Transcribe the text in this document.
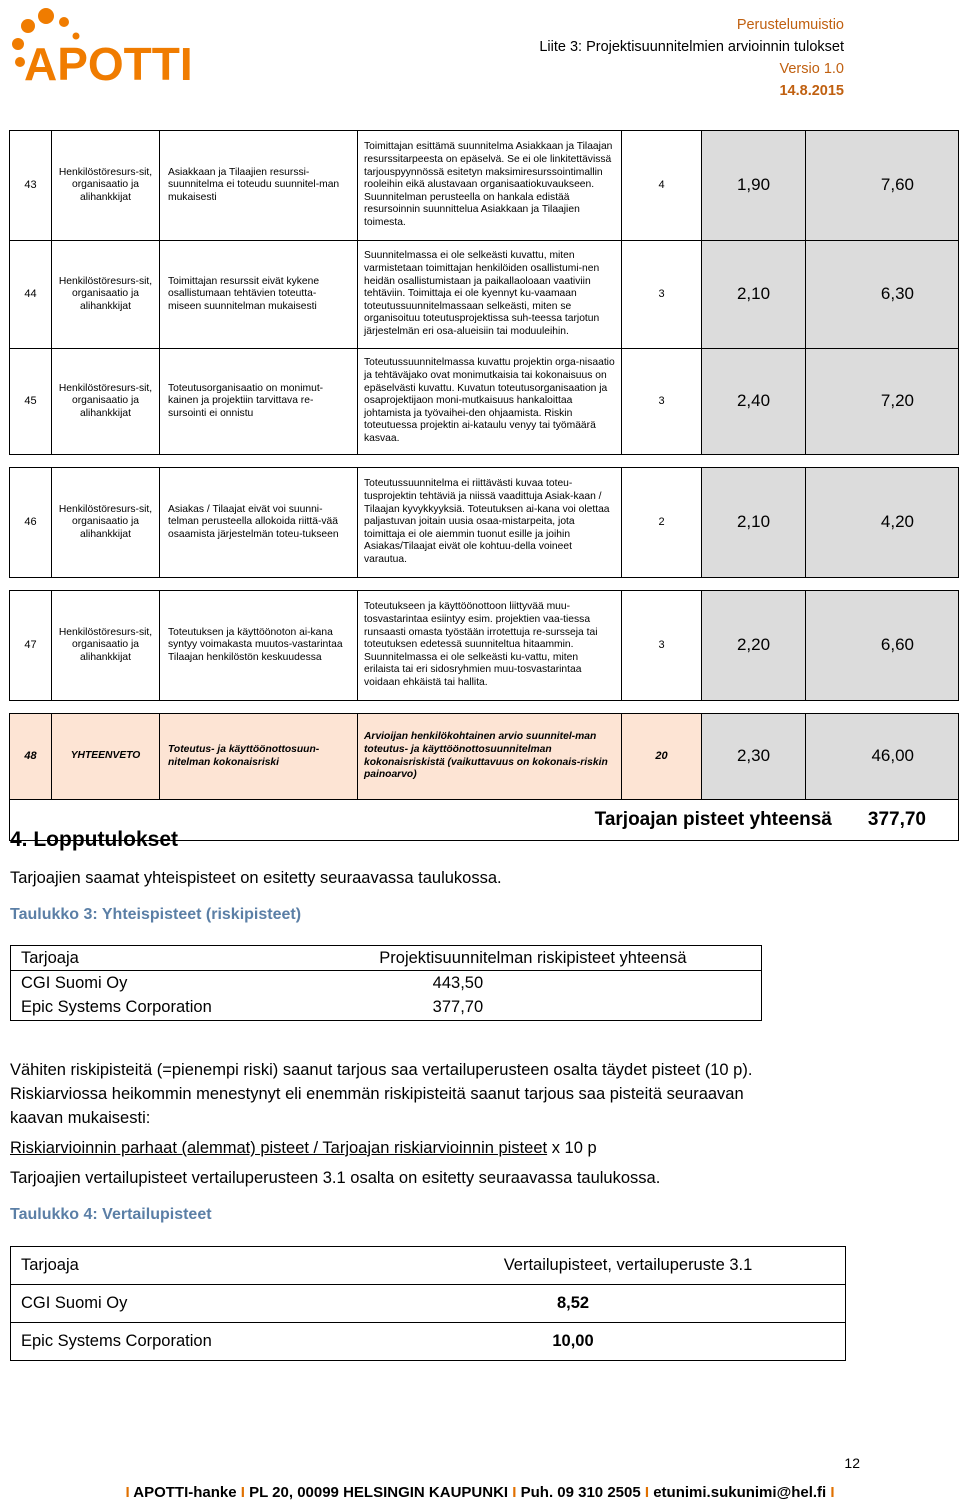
APOTTI
Perustelumuistio
Liite 3: Projektisuunnitelmien arvioinnin tulokset
Versio 1.0
14.8.2015
43	Henkilöstöresurs-sit, organisaatio ja alihankkijat	Asiakkaan ja Tilaajien resurssi-suunnitelma ei toteudu suunnitel-man mukaisesti	Toimittajan esittämä suunnitelma Asiakkaan ja Tilaajan resurssitarpeesta on epäselvä. Se ei ole linkitettävissä tarjouspyynnössä esitetyn maksimiresurssointimallin rooleihin eikä alustavaan organisaatiokuvaukseen. Suunnitelman perusteella on hankala edistää resursoinnin suunnittelua Asiakkaan ja Tilaajien toimesta.	4	1,90	7,60
44	Henkilöstöresurs-sit, organisaatio ja alihankkijat	Toimittajan resurssit eivät kykene osallistumaan tehtävien toteutta-miseen suunnitelman mukaisesti	Suunnitelmassa ei ole selkeästi kuvattu, miten varmistetaan toimittajan henkilöiden osallistumi-nen heidän osallistumistaan ja paikallaoloaan vaativiin tehtäviin. Toimittaja ei ole kyennyt ku-vaamaan toteutussuunnitelmassaan selkeästi, miten se organisoituu toteutusprojektissa suh-teessa tarjotun järjestelmän eri osa-alueisiin tai moduuleihin.	3	2,10	6,30
45	Henkilöstöresurs-sit, organisaatio ja alihankkijat	Toteutusorganisaatio on monimut-kainen ja projektiin tarvittava re-sursointi ei onnistu	Toteutussuunnitelmassa kuvattu projektin orga-nisaatio ja tehtäväjako ovat monimutkaisia tai kokonaisuus on epäselvästi kuvattu. Kuvatun toteutusorganisaation ja osaprojektijaon moni-mutkaisuus hankaloittaa johtamista ja työvaihei-den ohjaamista. Riskin toteutuessa projektin ai-kataulu venyy tai työmäärä kasvaa.	3	2,40	7,20

46	Henkilöstöresurs-sit, organisaatio ja alihankkijat	Asiakas / Tilaajat eivät voi suunni-telman perusteella allokoida riittä-vää osaamista järjestelmän toteu-tukseen	Toteutussuunnitelma ei riittävästi kuvaa toteu-tusprojektin tehtäviä ja niissä vaadittuja Asiak-kaan / Tilaajan kyvykkyyksiä. Toteutuksen ai-kana voi olettaa paljastuvan joitain uusia osaa-mistarpeita, jota toimittaja ei ole aiemmin tuonut esille ja joihin Asiakas/Tilaajat eivät ole kohtuu-della voineet varautua.	2	2,10	4,20

47	Henkilöstöresurs-sit, organisaatio ja alihankkijat	Toteutuksen ja käyttöönoton ai-kana syntyy voimakasta muutos-vastarintaa Tilaajan henkilöstön keskuudessa	Toteutukseen ja käyttöönottoon liittyvää muu-tosvastarintaa esiintyy esim. projektien vaa-tiessa runsaasti omasta työstään irrotettuja re-sursseja tai toteutuksen edetessä suunniteltua hitaammin. Suunnitelmassa ei ole selkeästi ku-vattu, miten erilaista tai eri sidosryhmien muu-tosvastarintaa voidaan ehkäistä tai hallita.	3	2,20	6,60

48	YHTEENVETO	Toteutus- ja käyttöönottosuun-nitelman kokonaisriski	Arvioijan henkilökohtainen arvio suunnitel-man toteutus- ja käyttöönottosuunnitelman kokonaisriskistä (vaikuttavuus on kokonais-riskin painoarvo)	20	2,30	46,00
Tarjoajan pisteet yhteensä 377,70						
4. Lopputulokset
Tarjoajien saamat yhteispisteet on esitetty seuraavassa taulukossa.
Taulukko 3: Yhteispisteet (riskipisteet)
Tarjoaja	Projektisuunnitelman riskipisteet yhteensä
CGI Suomi Oy	443,50
Epic Systems Corporation	377,70
Vähiten riskipisteitä (=pienempi riski) saanut tarjous saa vertailuperusteen osalta täydet pisteet (10 p).
Riskiarviossa heikommin menestynyt eli enemmän riskipisteitä saanut tarjous saa pisteitä seuraavan
kaavan mukaisesti:
Riskiarvioinnin parhaat (alemmat) pisteet / Tarjoajan riskiarvioinnin pisteet x 10 p
Tarjoajien vertailupisteet vertailuperusteen 3.1 osalta on esitetty seuraavassa taulukossa.
Taulukko 4: Vertailupisteet
Tarjoaja	Vertailupisteet, vertailuperuste 3.1
CGI Suomi Oy	8,52
Epic Systems Corporation	10,00
12
I APOTTI-hanke I PL 20, 00099 HELSINGIN KAUPUNKI I Puh. 09 310 2505 I etunimi.sukunimi@hel.fi I
